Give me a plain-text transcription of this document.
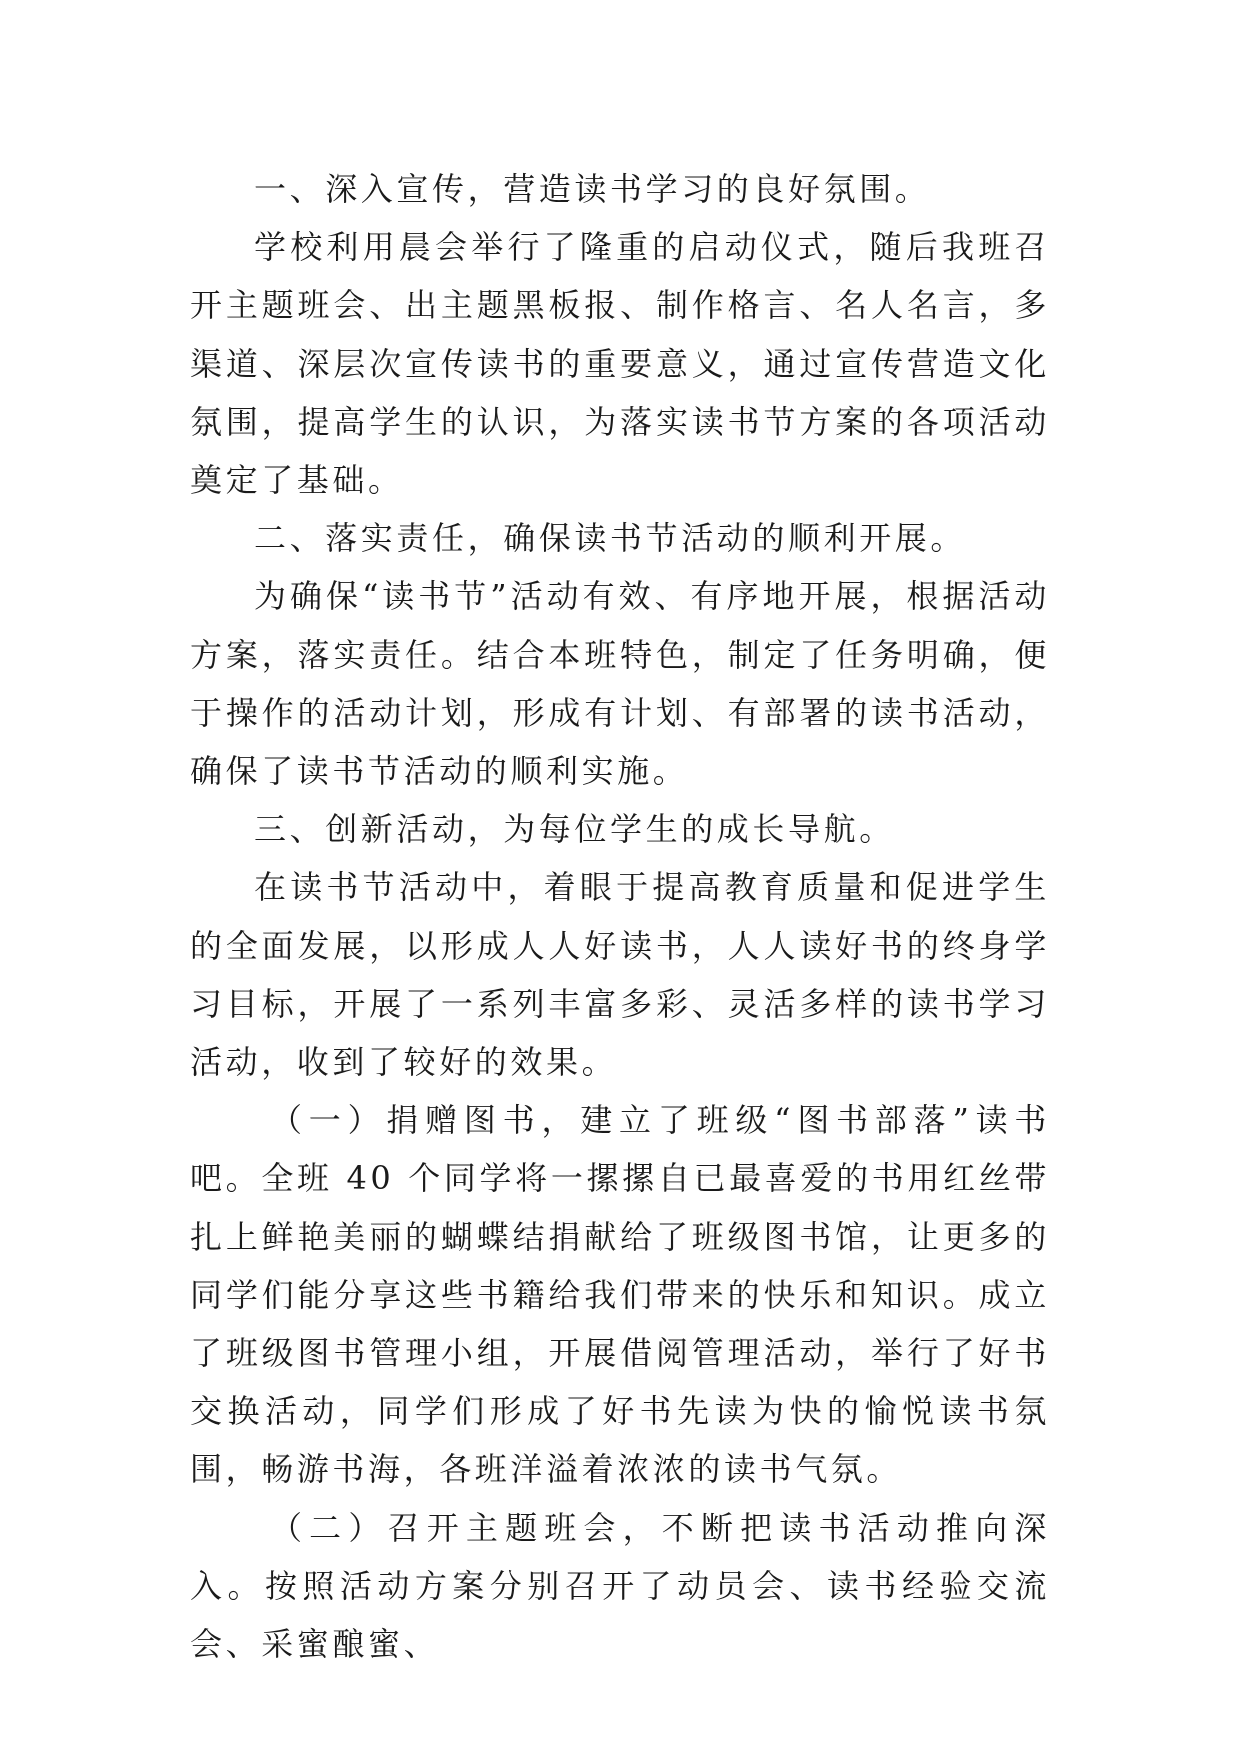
一、深入宣传，营造读书学习的良好氛围。

学校利用晨会举行了隆重的启动仪式，随后我班召开主题班会、出主题黑板报、制作格言、名人名言，多渠道、深层次宣传读书的重要意义，通过宣传营造文化氛围，提高学生的认识，为落实读书节方案的各项活动奠定了基础。

二、落实责任，确保读书节活动的顺利开展。

为确保“读书节”活动有效、有序地开展，根据活动方案，落实责任。结合本班特色，制定了任务明确，便于操作的活动计划，形成有计划、有部署的读书活动，确保了读书节活动的顺利实施。

三、创新活动，为每位学生的成长导航。

在读书节活动中，着眼于提高教育质量和促进学生的全面发展，以形成人人好读书，人人读好书的终身学习目标，开展了一系列丰富多彩、灵活多样的读书学习活动，收到了较好的效果。

（一）捐赠图书，建立了班级“图书部落”读书吧。全班 40 个同学将一摞摞自已最喜爱的书用红丝带扎上鲜艳美丽的蝴蝶结捐献给了班级图书馆，让更多的同学们能分享这些书籍给我们带来的快乐和知识。成立了班级图书管理小组，开展借阅管理活动，举行了好书交换活动，同学们形成了好书先读为快的愉悦读书氛围，畅游书海，各班洋溢着浓浓的读书气氛。

（二）召开主题班会，不断把读书活动推向深入。按照活动方案分别召开了动员会、读书经验交流会、采蜜酿蜜、
